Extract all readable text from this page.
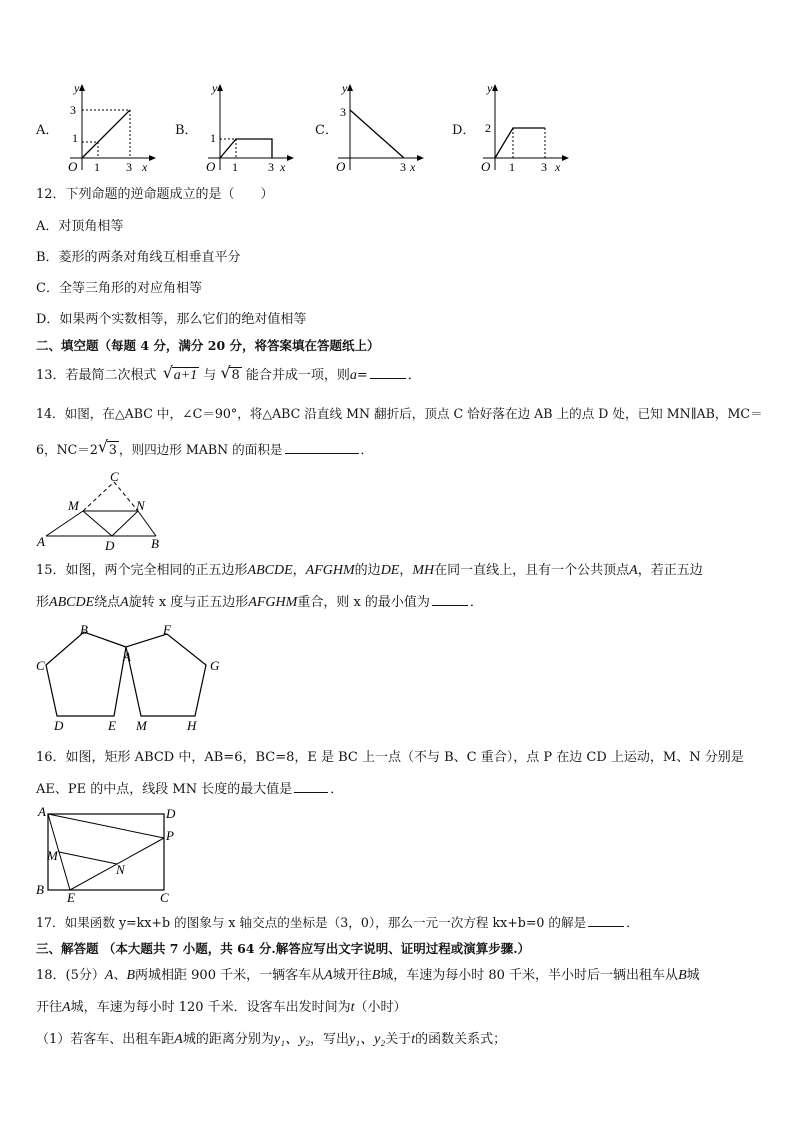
A．
y
3
1
O 1 3 x
B．
y
1
O 1	3 x
C．
y
3
O	3 x
D．
y
2
O 1 3 x
12．下列命题的逆命题成立的是（　　）
A．对顶角相等
B．菱形的两条对角线互相垂直平分
C．全等三角形的对应角相等
D．如果两个实数相等，那么它们的绝对值相等
二、填空题（每题 4 分，满分 20 分，将答案填在答题纸上）
13．若最简二次根式 √ a+1 与 √ 8 能合并成一项，则a=	．
14．如图，在△ABC 中，∠C＝90°，将△ABC 沿直线 MN 翻折后，顶点 C 恰好落在边 AB 上的点 D 处，已知 MN∥AB，MC＝
6，NC＝2 √ 3 ，则四边形 MABN 的面积是	．
C
M	N
A	D	B
15．如图，两个完全相同的正五边形ABCDE，AFGHM的边DE，MH在同一直线上，且有一个公共顶点A，若正五边
形ABCDE绕点A旋转 x 度与正五边形AFGHM重合，则 x 的最小值为	．
B	F
C
A
G
D	E M	H
16．如图，矩形 ABCD 中，AB=6，BC=8，E 是 BC 上一点（不与 B、C 重合），点 P 在边 CD 上运动，M、N 分别是
AE、PE 的中点，线段 MN 长度的最大值是	．
A	D
P
M
N
B
E	C
17．如果函数 y=kx+b 的图象与 x 轴交点的坐标是（3，0），那么一元一次方程 kx+b=0 的解是	．
三、解答题 （本大题共 7 小题，共 64 分.解答应写出文字说明、证明过程或演算步骤.）
18．(5分）A、B两城相距 900 千米，一辆客车从A城开往B城，车速为每小时 80 千米，半小时后一辆出租车从B城
开往A城，车速为每小时 120 千米．设客车出发时间为t（小时）
（1）若客车、出租车距A城的距离分别为y₁、y₂，写出y₁、y₂关于t的函数关系式；
